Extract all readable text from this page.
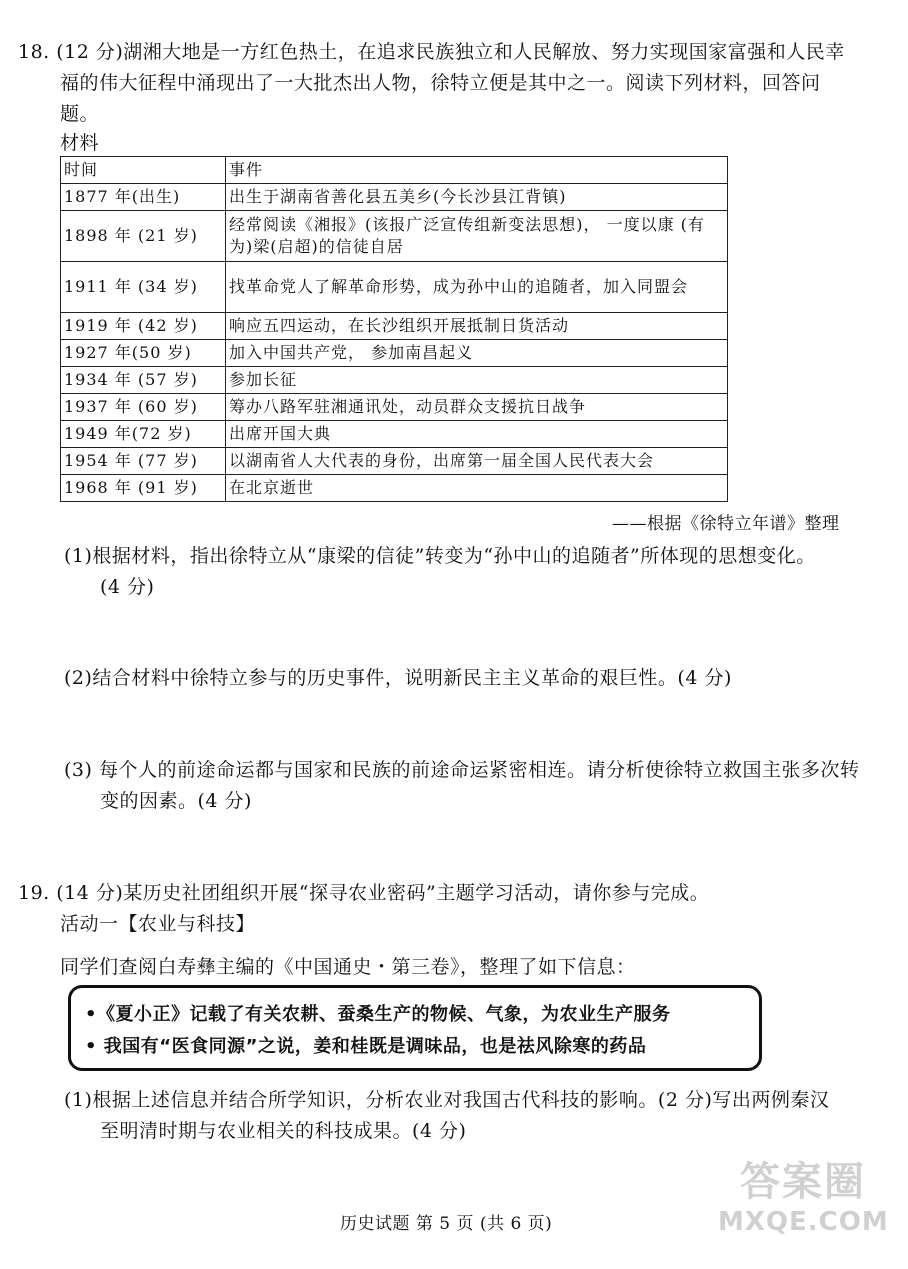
18. (12 分)湖湘大地是一方红色热土，在追求民族独立和人民解放、努力实现国家富强和人民幸
福的伟大征程中涌现出了一大批杰出人物，徐特立便是其中之一。阅读下列材料，回答问
题。
材料
时间	事件
1877 年(出生)	出生于湖南省善化县五美乡(今长沙县江背镇)
1898 年 (21 岁)	经常阅读《湘报》(该报广泛宣传组新变法思想)， 一度以康 (有为)梁(启超)的信徒自居
1911 年 (34 岁)	找革命党人了解革命形势，成为孙中山的追随者，加入同盟会
1919 年 (42 岁)	响应五四运动，在长沙组织开展抵制日货活动
1927 年(50 岁)	加入中国共产党， 参加南昌起义
1934 年 (57 岁)	参加长征
1937 年 (60 岁)	筹办八路军驻湘通讯处，动员群众支援抗日战争
1949 年(72 岁)	出席开国大典
1954 年 (77 岁)	以湖南省人大代表的身份，出席第一届全国人民代表大会
1968 年 (91 岁)	在北京逝世
——根据《徐特立年谱》整理
(1)根据材料，指出徐特立从“康梁的信徒”转变为“孙中山的追随者”所体现的思想变化。
(4 分)
(2)结合材料中徐特立参与的历史事件，说明新民主主义革命的艰巨性。(4 分)
(3) 每个人的前途命运都与国家和民族的前途命运紧密相连。请分析使徐特立救国主张多次转
变的因素。(4 分)
19. (14 分)某历史社团组织开展“探寻农业密码”主题学习活动，请你参与完成。
活动一【农业与科技】
同学们查阅白寿彝主编的《中国通史・第三卷》，整理了如下信息：
•《夏小正》记载了有关农耕、蚕桑生产的物候、气象，为农业生产服务
• 我国有“医食同源”之说，姜和桂既是调味品，也是祛风除寒的药品
(1)根据上述信息并结合所学知识，分析农业对我国古代科技的影响。(2 分)写出两例秦汉
至明清时期与农业相关的科技成果。(4 分)
历史试题 第 5 页 (共 6 页)
答案圈
MXQE.COM
